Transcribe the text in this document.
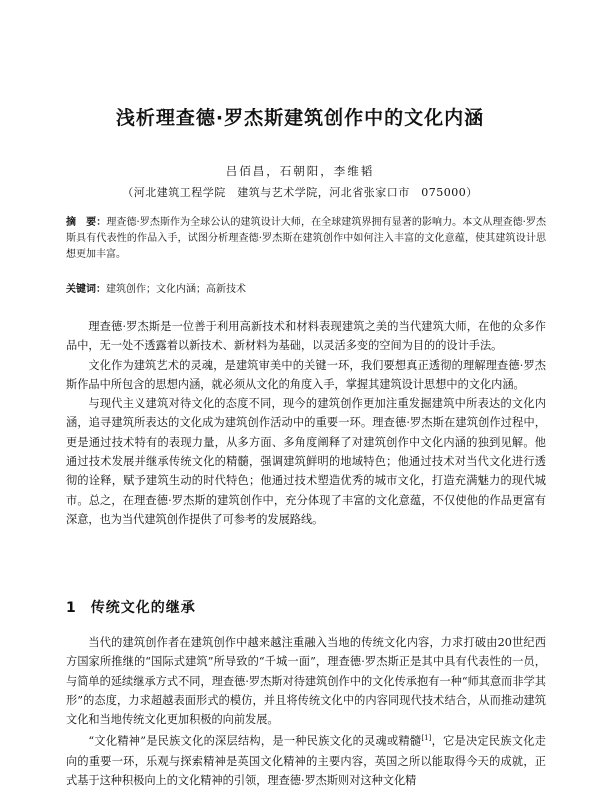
浅析理查德·罗杰斯建筑创作中的文化内涵
吕佰昌，石朝阳，李维韬
（河北建筑工程学院　建筑与艺术学院，河北省张家口市　075000）
摘　要：理查德·罗杰斯作为全球公认的建筑设计大师，在全球建筑界拥有显著的影响力。本文从理查德·罗杰斯具有代表性的作品入手，试图分析理查德·罗杰斯在建筑创作中如何注入丰富的文化意蕴，使其建筑设计思想更加丰富。
关键词：建筑创作；文化内涵；高新技术

理查德·罗杰斯是一位善于利用高新技术和材料表现建筑之美的当代建筑大师，在他的众多作品中，无一处不透露着以新技术、新材料为基础，以灵活多变的空间为目的的设计手法。

文化作为建筑艺术的灵魂，是建筑审美中的关键一环，我们要想真正透彻的理解理查德·罗杰斯作品中所包含的思想内涵，就必须从文化的角度入手，掌握其建筑设计思想中的文化内涵。

与现代主义建筑对待文化的态度不同，现今的建筑创作更加注重发掘建筑中所表达的文化内涵，追寻建筑所表达的文化成为建筑创作活动中的重要一环。理查德·罗杰斯在建筑创作过程中，更是通过技术特有的表现力量，从多方面、多角度阐释了对建筑创作中文化内涵的独到见解。他通过技术发展并继承传统文化的精髓，强调建筑鲜明的地域特色；他通过技术对当代文化进行透彻的诠释，赋予建筑生动的时代特色；他通过技术塑造优秀的城市文化，打造充满魅力的现代城市。总之，在理查德·罗杰斯的建筑创作中，充分体现了丰富的文化意蕴，不仅使他的作品更富有深意，也为当代建筑创作提供了可参考的发展路线。

1 传统文化的继承

当代的建筑创作者在建筑创作中越来越注重融入当地的传统文化内容，力求打破由20世纪西方国家所推继的“国际式建筑”所导致的“千城一面”，理查德·罗杰斯正是其中具有代表性的一员，与简单的延续继承方式不同，理查德·罗杰斯对待建筑创作中的文化传承抱有一种“师其意而非学其形”的态度，力求超越表面形式的模仿，并且将传统文化中的内容同现代技术结合，从而推动建筑文化和当地传统文化更加积极的向前发展。

“文化精神”是民族文化的深层结构，是一种民族文化的灵魂或精髓[1]，它是决定民族文化走向的重要一环，乐观与探索精神是英国文化精神的主要内容，英国之所以能取得今天的成就，正式基于这种积极向上的文化精神的引领，理查德·罗杰斯则对这种文化精
